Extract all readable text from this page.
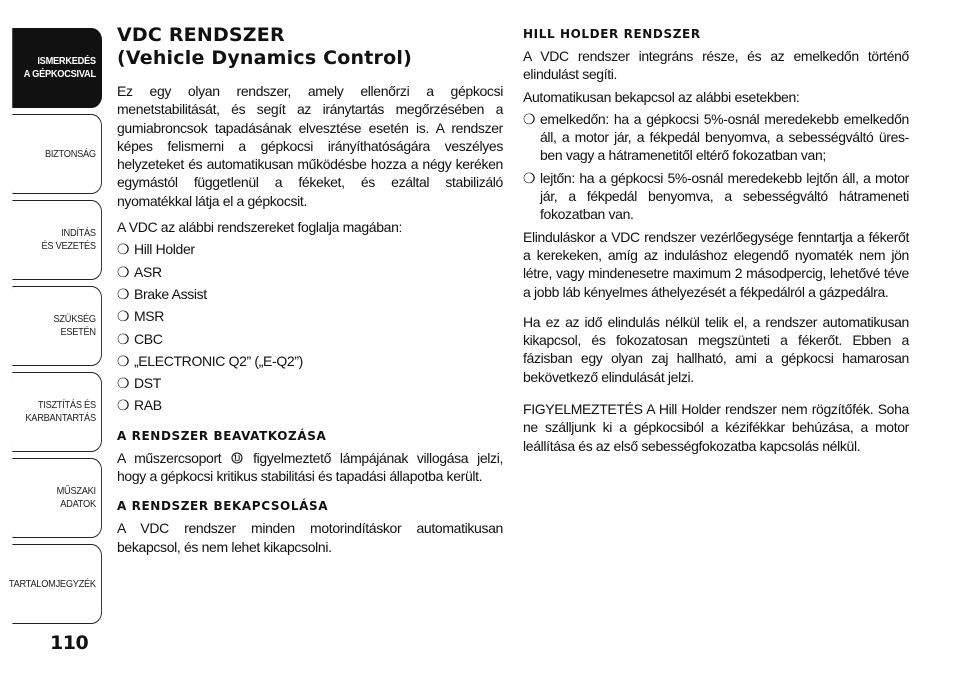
ISMERKEDÉS
A GÉPKOCSIVAL
BIZTONSÁG
INDÍTÁS
ÉS VEZETÉS
SZÜKSÉG
ESETÉN
TISZTÍTÁS ÉS
KARBANTARTÁS
MŰSZAKI
ADATOK
TARTALOMJEGYZÉK
110
VDC RENDSZER
(Vehicle Dynamics Control)

Ez egy olyan rendszer, amely ellenőrzi a gépkocsi menetstabilitását, és segít az iránytartás megőrzésében a gumiabroncsok tapadásának elvesztése esetén is. A rendszer képes felismerni a gépkocsi irányíthatóságára veszélyes helyzeteket és automatikusan működésbe hozza a négy keréken egymástól függetlenül a fékeket, és ezáltal stabilizáló nyomatékkal látja el a gépkocsit.

A VDC az alábbi rendszereket foglalja magában:

❍ Hill Holder
❍ ASR
❍ Brake Assist
❍ MSR
❍ CBC
❍ „ELECTRONIC Q2” („E-Q2”)
❍ DST
❍ RAB
A RENDSZER BEAVATKOZÁSA

A műszercsoport figyelmeztető lámpájának villogása jelzi, hogy a gépkocsi kritikus stabilitási és tapadási állapotba került.

A RENDSZER BEKAPCSOLÁSA

A VDC rendszer minden motorindításkor automatikusan bekapcsol, és nem lehet kikapcsolni.

HILL HOLDER RENDSZER

A VDC rendszer integráns része, és az emelkedőn történő elindulást segíti.

Automatikusan bekapcsol az alábbi esetekben:

❍ emelkedőn: ha a gépkocsi 5%-osnál meredekebb emelkedőn áll, a motor jár, a fékpedál benyomva, a sebességváltó üres-ben vagy a hátramenetitől eltérő fokozatban van;
❍ lejtőn: ha a gépkocsi 5%-osnál meredekebb lejtőn áll, a motor jár, a fékpedál benyomva, a sebességváltó hátrameneti fokozatban van.

Elinduláskor a VDC rendszer vezérlőegysége fenntartja a fékerőt a kerekeken, amíg az induláshoz elegendő nyomaték nem jön létre, vagy mindenesetre maximum 2 másodpercig, lehetővé téve a jobb láb kényelmes áthelyezését a fékpedálról a gázpedálra.

Ha ez az idő elindulás nélkül telik el, a rendszer automatikusan kikapcsol, és fokozatosan megszünteti a fékerőt. Ebben a fázisban egy olyan zaj hallható, ami a gépkocsi hamarosan bekövetkező elindulását jelzi.

FIGYELMEZTETÉS A Hill Holder rendszer nem rögzítőfék. Soha ne szálljunk ki a gépkocsiból a kézifékkar behúzása, a motor leállítása és az első sebességfokozatba kapcsolás nélkül.
